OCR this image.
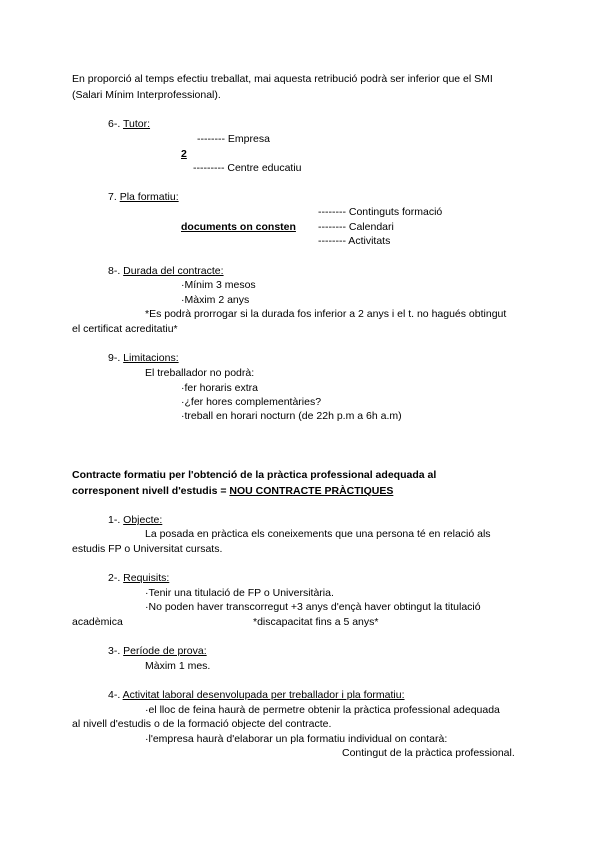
En proporció al temps efectiu treballat, mai aquesta retribució podrà ser inferior que el SMI
(Salari Mínim Interprofessional).
6-. Tutor:
-------- Empresa
2
--------- Centre educatiu
7. Pla formatiu:
-------- Continguts formació
documents on consten -------- Calendari
-------- Activitats
8-. Durada del contracte:
·Mínim 3 mesos
·Màxim 2 anys
*Es podrà prorrogar si la durada fos inferior a 2 anys i el t. no hagués obtingut
el certificat acreditatiu*
9-. Limitacions:
El treballador no podrà:
·fer horaris extra
·¿fer hores complementàries?
·treball en horari nocturn (de 22h p.m a 6h a.m)
Contracte formatiu per l'obtenció de la pràctica professional adequada al
corresponent nivell d'estudis = NOU CONTRACTE PRÀCTIQUES
1-. Objecte:
La posada en pràctica els coneixements que una persona té en relació als
estudis FP o Universitat cursats.
2-. Requisits:
·Tenir una titulació de FP o Universitària.
·No poden haver transcorregut +3 anys d'ençà haver obtingut la titulació
acadèmica	*discapacitat fins a 5 anys*
3-. Període de prova:
Màxim 1 mes.
4-. Activitat laboral desenvolupada per treballador i pla formatiu:
·el lloc de feina haurà de permetre obtenir la pràctica professional adequada
al nivell d'estudis o de la formació objecte del contracte.
·l'empresa haurà d'elaborar un pla formatiu individual on contarà:
Contingut de la pràctica professional.
